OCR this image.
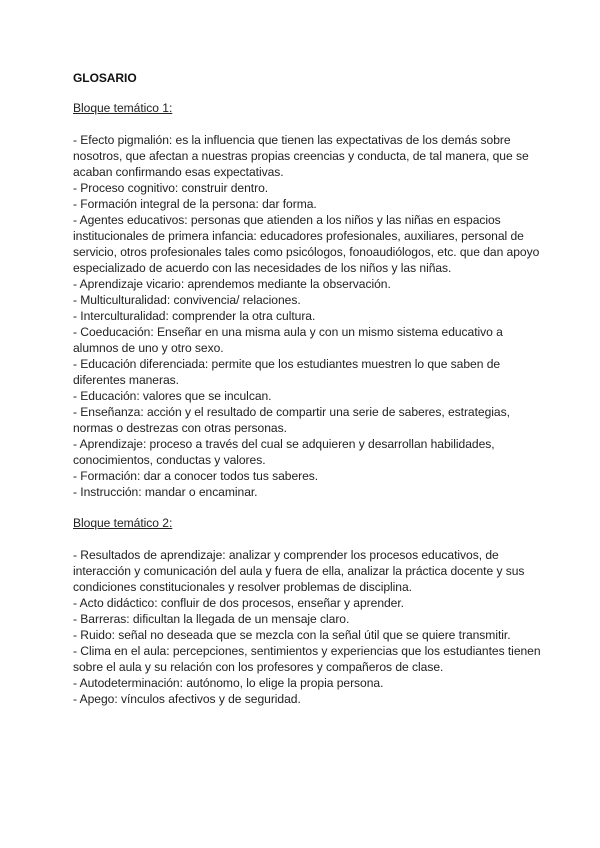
GLOSARIO
Bloque temático 1:
- Efecto pigmalión: es la influencia que tienen las expectativas de los demás sobre nosotros, que afectan a nuestras propias creencias y conducta, de tal manera, que se acaban confirmando esas expectativas.
- Proceso cognitivo: construir dentro.
- Formación integral de la persona: dar forma.
- Agentes educativos: personas que atienden a los niños y las niñas en espacios institucionales de primera infancia: educadores profesionales, auxiliares, personal de servicio, otros profesionales tales como psicólogos, fonoaudiólogos, etc. que dan apoyo especializado de acuerdo con las necesidades de los niños y las niñas.
- Aprendizaje vicario: aprendemos mediante la observación.
- Multiculturalidad: convivencia/ relaciones.
- Interculturalidad: comprender la otra cultura.
- Coeducación: Enseñar en una misma aula y con un mismo sistema educativo a alumnos de uno y otro sexo.
- Educación diferenciada: permite que los estudiantes muestren lo que saben de diferentes maneras.
- Educación: valores que se inculcan.
- Enseñanza: acción y el resultado de compartir una serie de saberes, estrategias, normas o destrezas con otras personas.
- Aprendizaje: proceso a través del cual se adquieren y desarrollan habilidades, conocimientos, conductas y valores.
- Formación: dar a conocer todos tus saberes.
- Instrucción: mandar o encaminar.
Bloque temático 2:
- Resultados de aprendizaje: analizar y comprender los procesos educativos, de interacción y comunicación del aula y fuera de ella, analizar la práctica docente y sus condiciones constitucionales y resolver problemas de disciplina.
- Acto didáctico: confluir de dos procesos, enseñar y aprender.
- Barreras: dificultan la llegada de un mensaje claro.
- Ruido: señal no deseada que se mezcla con la señal útil que se quiere transmitir.
- Clima en el aula: percepciones, sentimientos y experiencias que los estudiantes tienen sobre el aula y su relación con los profesores y compañeros de clase.
- Autodeterminación: autónomo, lo elige la propia persona.
- Apego: vínculos afectivos y de seguridad.
